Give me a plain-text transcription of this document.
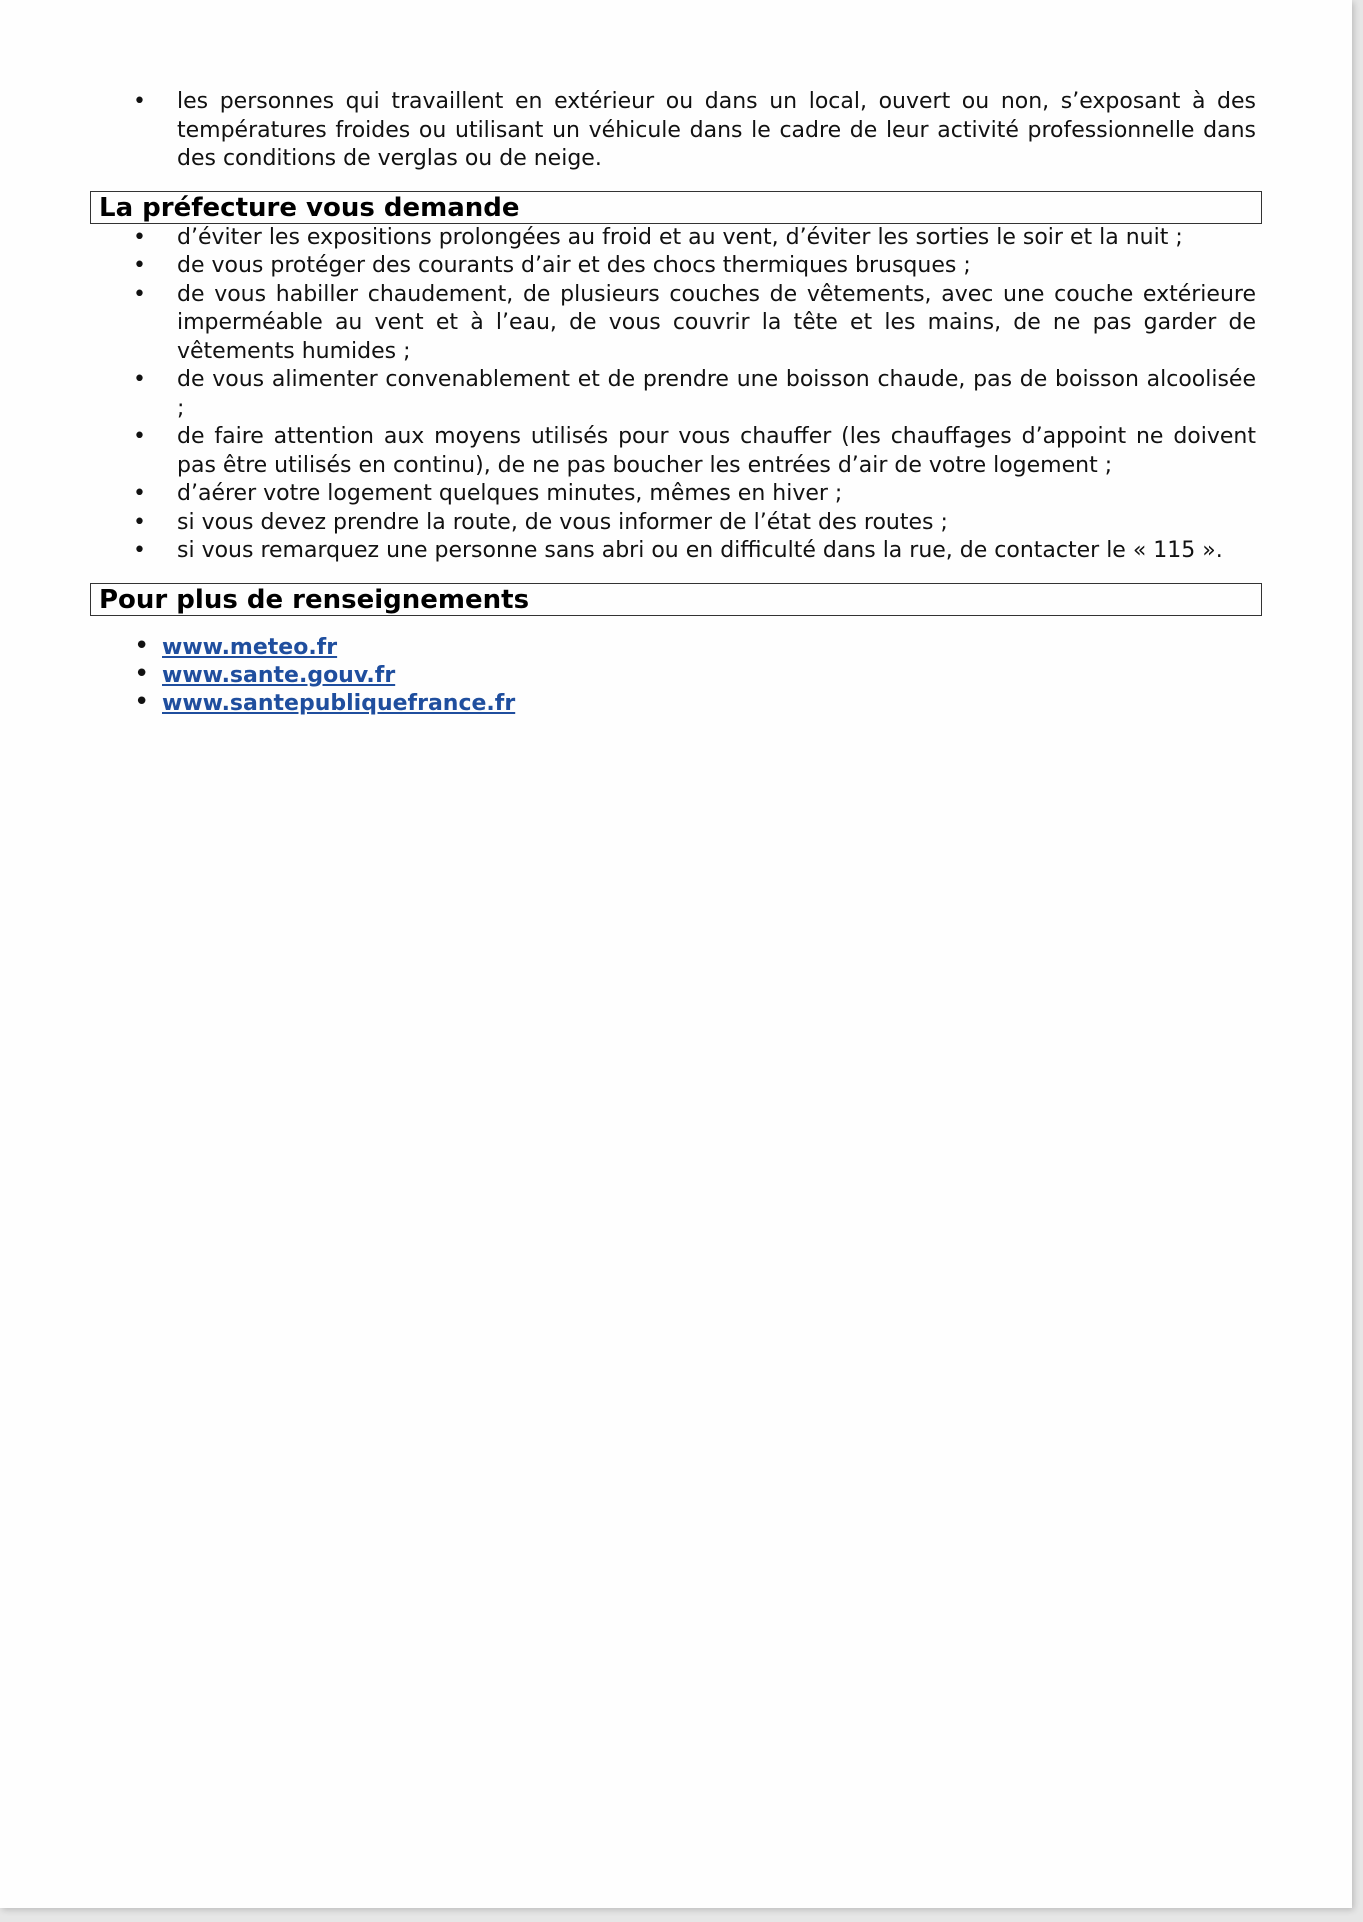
• les personnes qui travaillent en extérieur ou dans un local, ouvert ou non, s’exposant à des températures froides ou utilisant un véhicule dans le cadre de leur activité professionnelle dans des conditions de verglas ou de neige.
La préfecture vous demande
• d’éviter les expositions prolongées au froid et au vent, d’éviter les sorties le soir et la nuit ;
• de vous protéger des courants d’air et des chocs thermiques brusques ;
• de vous habiller chaudement, de plusieurs couches de vêtements, avec une couche extérieure imperméable au vent et à l’eau, de vous couvrir la tête et les mains, de ne pas garder de vêtements humides ;
• de vous alimenter convenablement et de prendre une boisson chaude, pas de boisson alcoolisée ;
• de faire attention aux moyens utilisés pour vous chauffer (les chauffages d’appoint ne doivent pas être utilisés en continu), de ne pas boucher les entrées d’air de votre logement ;
• d’aérer votre logement quelques minutes, mêmes en hiver ;
• si vous devez prendre la route, de vous informer de l’état des routes ;
• si vous remarquez une personne sans abri ou en difficulté dans la rue, de contacter le « 115 ».
Pour plus de renseignements
• www.meteo.fr
• www.sante.gouv.fr
• www.santepubliquefrance.fr
